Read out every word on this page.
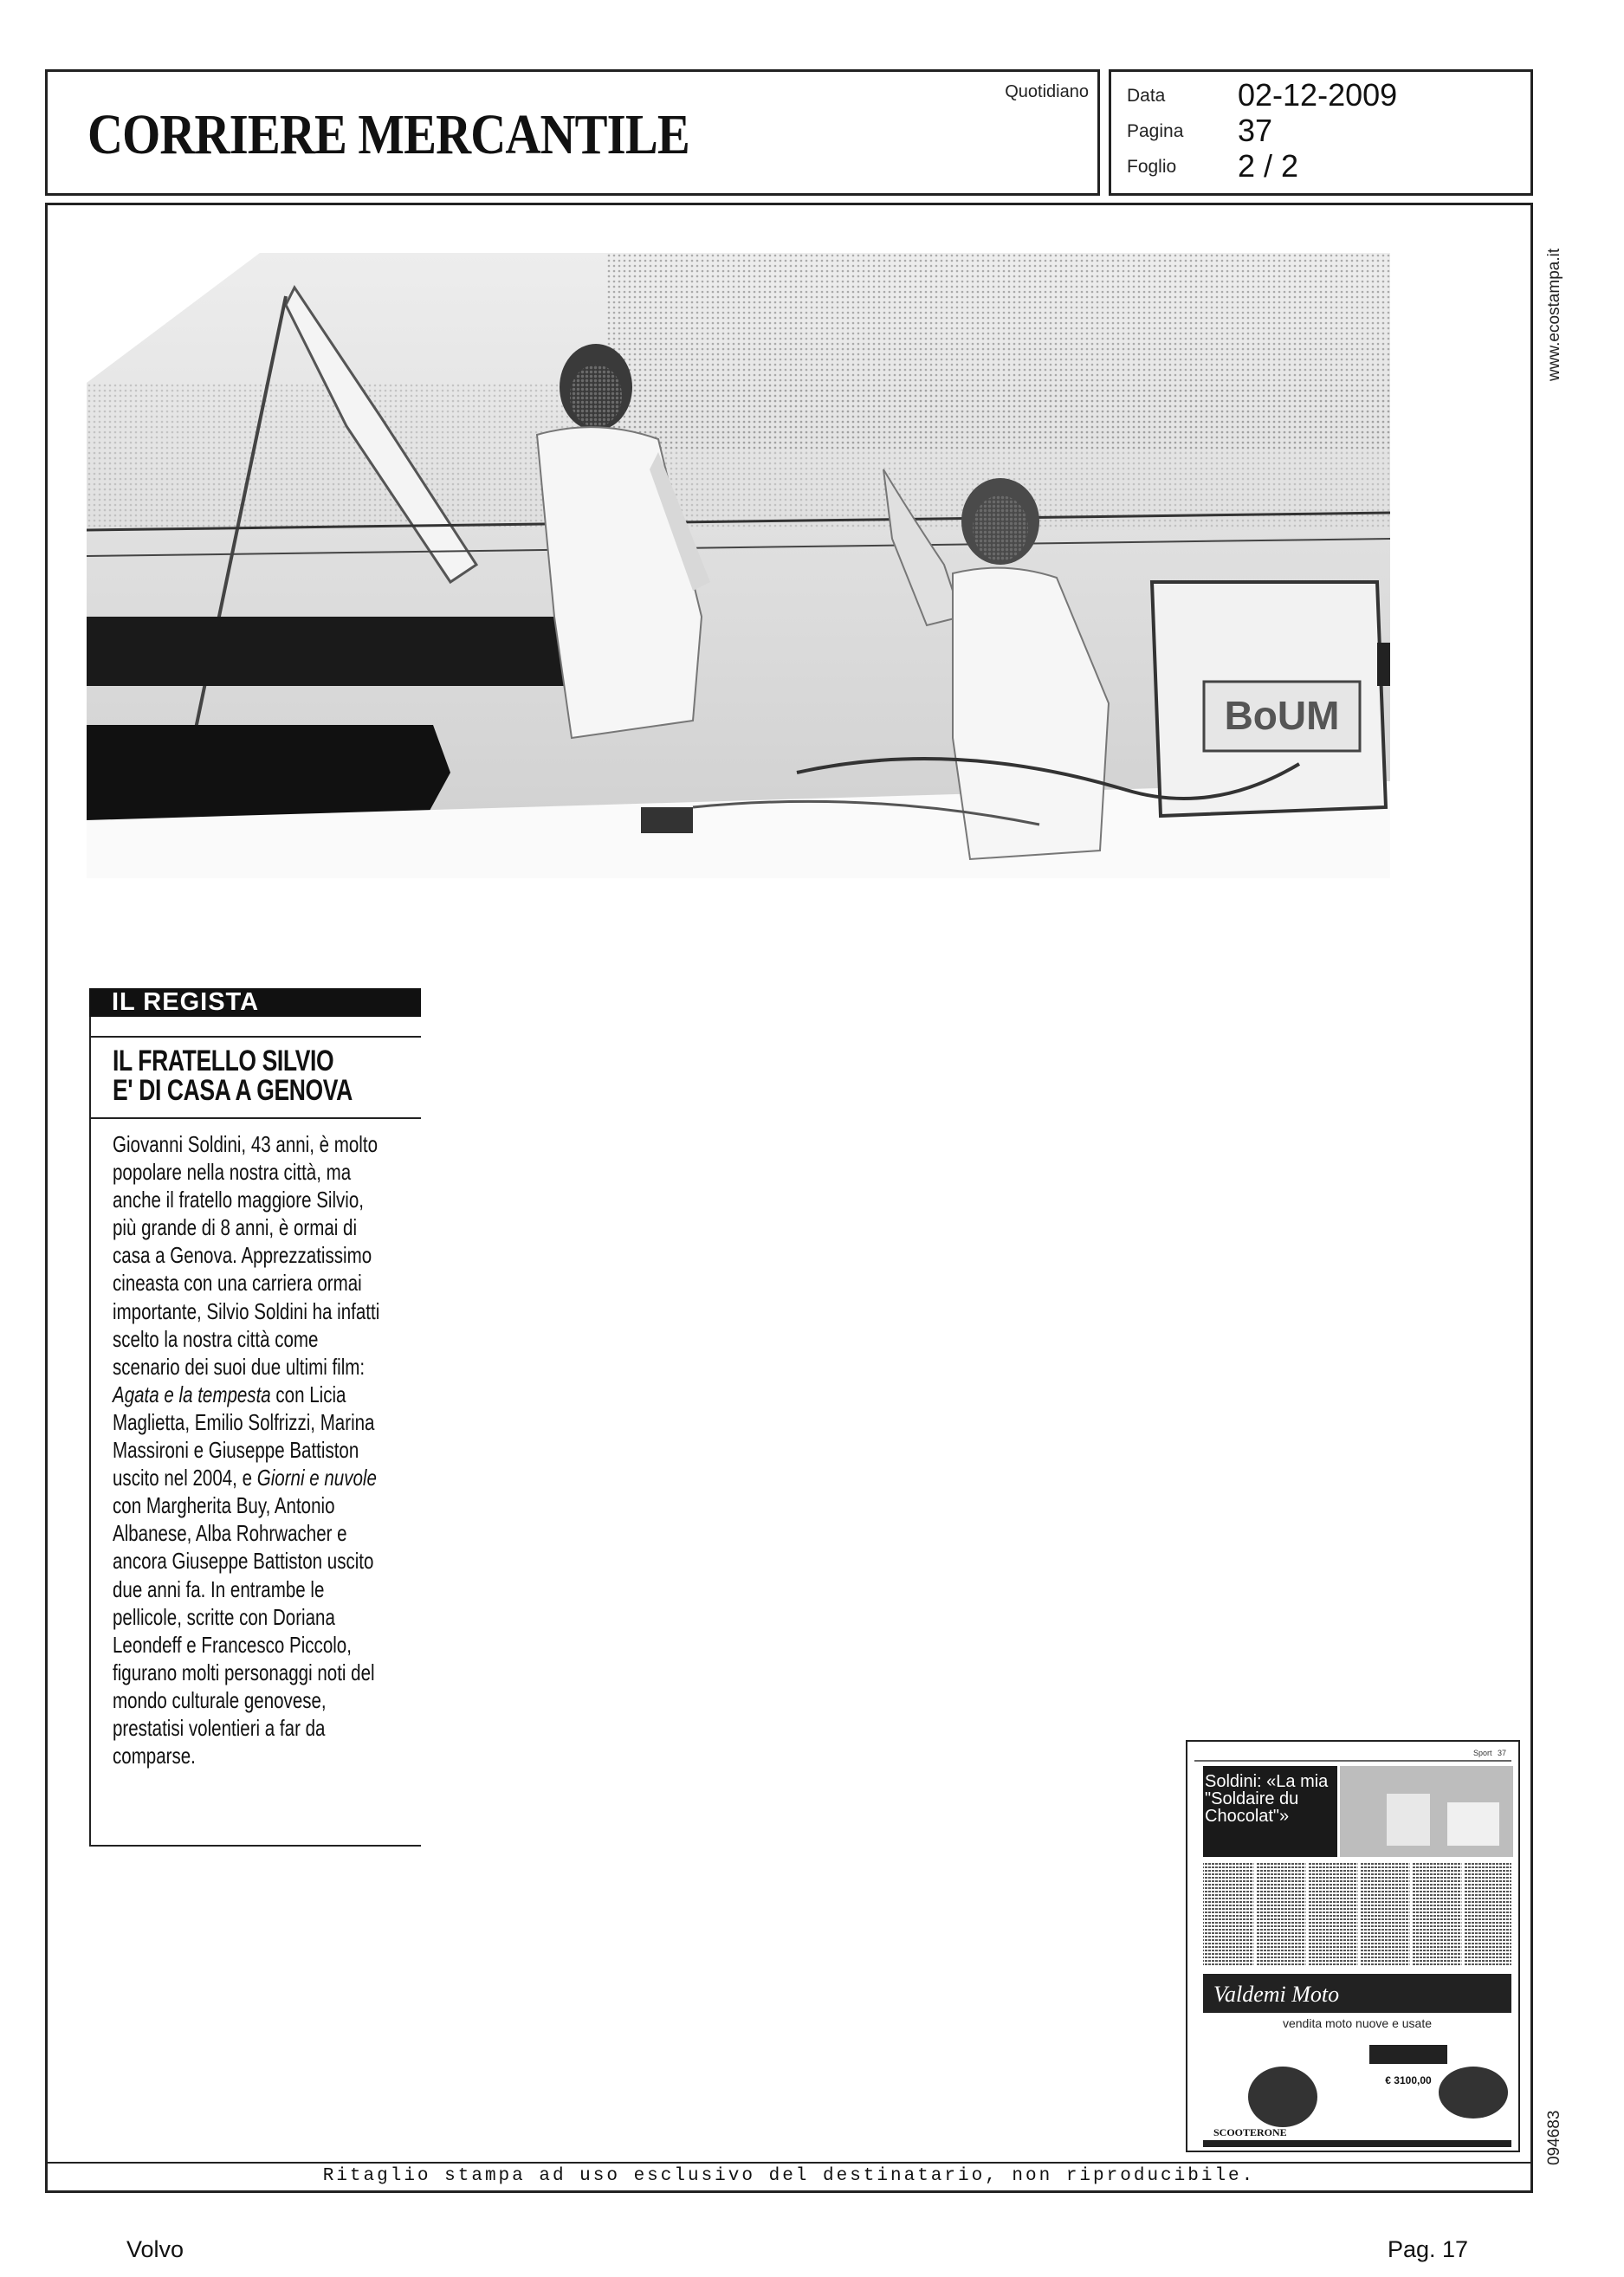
CORRIERE MERCANTILE
Quotidiano Data 02-12-2009
Pagina 37
Foglio 2 / 2
BoUM
IL REGISTA
IL FRATELLO SILVIO
E' DI CASA A GENOVA
Giovanni Soldini, 43 anni, è molto popolare nella nostra città, ma anche il fratello maggiore Silvio, più grande di 8 anni, è ormai di casa a Genova. Apprezzatissimo cineasta con una carriera ormai importante, Silvio Soldini ha infatti scelto la nostra città come scenario dei suoi due ultimi film: Agata e la tempesta con Licia Maglietta, Emilio Solfrizzi, Marina Massironi e Giuseppe Battiston uscito nel 2004, e Giorni e nuvole con Margherita Buy, Antonio Albanese, Alba Rohrwacher e ancora Giuseppe Battiston uscito due anni fa. In entrambe le pellicole, scritte con Doriana Leondeff e Francesco Piccolo, figurano molti personaggi noti del mondo culturale genovese, prestatisi volentieri a far da comparse.	Sport 37
Soldini: «La mia "Soldaire du Chocolat"»
Valdemi Moto
vendita moto nuove e usate
€ 3100,00
SCOOTERONE
www.ecostampa.it
094683
Ritaglio stampa ad uso esclusivo del destinatario, non riproducibile.
Volvo	Pag. 17
